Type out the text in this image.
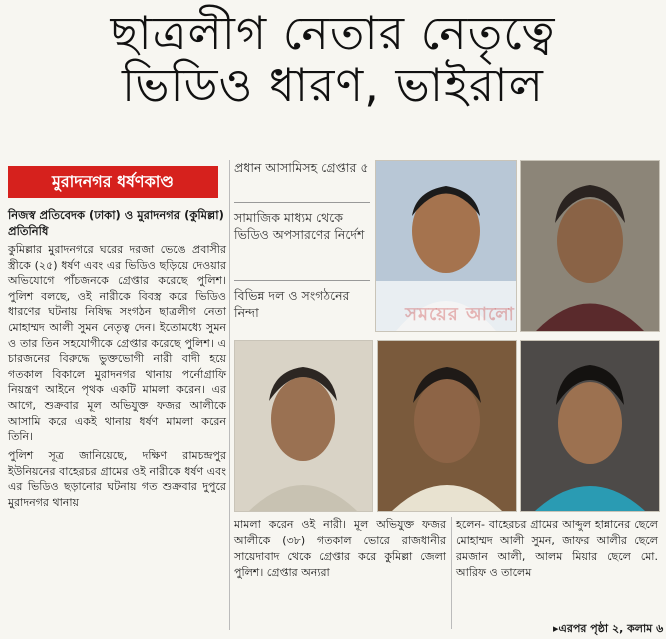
ছাত্রলীগ নেতার নেতৃত্বে
ভিডিও ধারণ, ভাইরাল
মুরাদনগর ধর্ষণকাণ্ড
নিজস্ব প্রতিবেদক (ঢাকা) ও মুরাদনগর (কুমিল্লা) প্রতিনিধি

কুমিল্লার মুরাদনগরে ঘরের দরজা ভেঙে প্রবাসীর স্ত্রীকে (২৫) ধর্ষণ এবং এর ভিডিও ছড়িয়ে দেওয়ার অভিযোগে পাঁচজনকে গ্রেপ্তার করেছে পুলিশ। পুলিশ বলছে, ওই নারীকে বিবস্ত্র করে ভিডিও ধারণের ঘটনায় নিষিদ্ধ সংগঠন ছাত্রলীগ নেতা মোহাম্মদ আলী সুমন নেতৃত্ব দেন। ইতোমধ্যে সুমন ও তার তিন সহযোগীকে গ্রেপ্তার করেছে পুলিশ। এ চারজনের বিরুদ্ধে ভুক্তভোগী নারী বাদী হয়ে গতকাল বিকালে মুরাদনগর থানায় পর্নোগ্রাফি নিয়ন্ত্রণ আইনে পৃথক একটি মামলা করেন। এর আগে, শুক্রবার মূল অভিযুক্ত ফজর আলীকে আসামি করে একই থানায় ধর্ষণ মামলা করেন তিনি।

পুলিশ সূত্র জানিয়েছে, দক্ষিণ রামচন্দ্রপুর ইউনিয়নের বাহেরচর গ্রামের ওই নারীকে ধর্ষণ এবং এর ভিডিও ছড়ানোর ঘটনায় গত শুক্রবার দুপুরে মুরাদনগর থানায়

প্রধান আসামিসহ গ্রেপ্তার ৫
সামাজিক মাধ্যম থেকে ভিডিও অপসারণের নির্দেশ
বিভিন্ন দল ও সংগঠনের নিন্দা	সময়ের আলো
মামলা করেন ওই নারী। মূল অভিযুক্ত ফজর আলীকে (৩৮) গতকাল ভোরে রাজধানীর সায়েদাবাদ থেকে গ্রেপ্তার করে কুমিল্লা জেলা পুলিশ। গ্রেপ্তার অন্যরা
হলেন- বাহেরচর গ্রামের আব্দুল হান্নানের ছেলে মোহাম্মদ আলী সুমন, জাফর আলীর ছেলে রমজান আলী, আলম মিয়ার ছেলে মো. আরিফ ও তালেম
▸এরপর পৃষ্ঠা ২, কলাম ৬
